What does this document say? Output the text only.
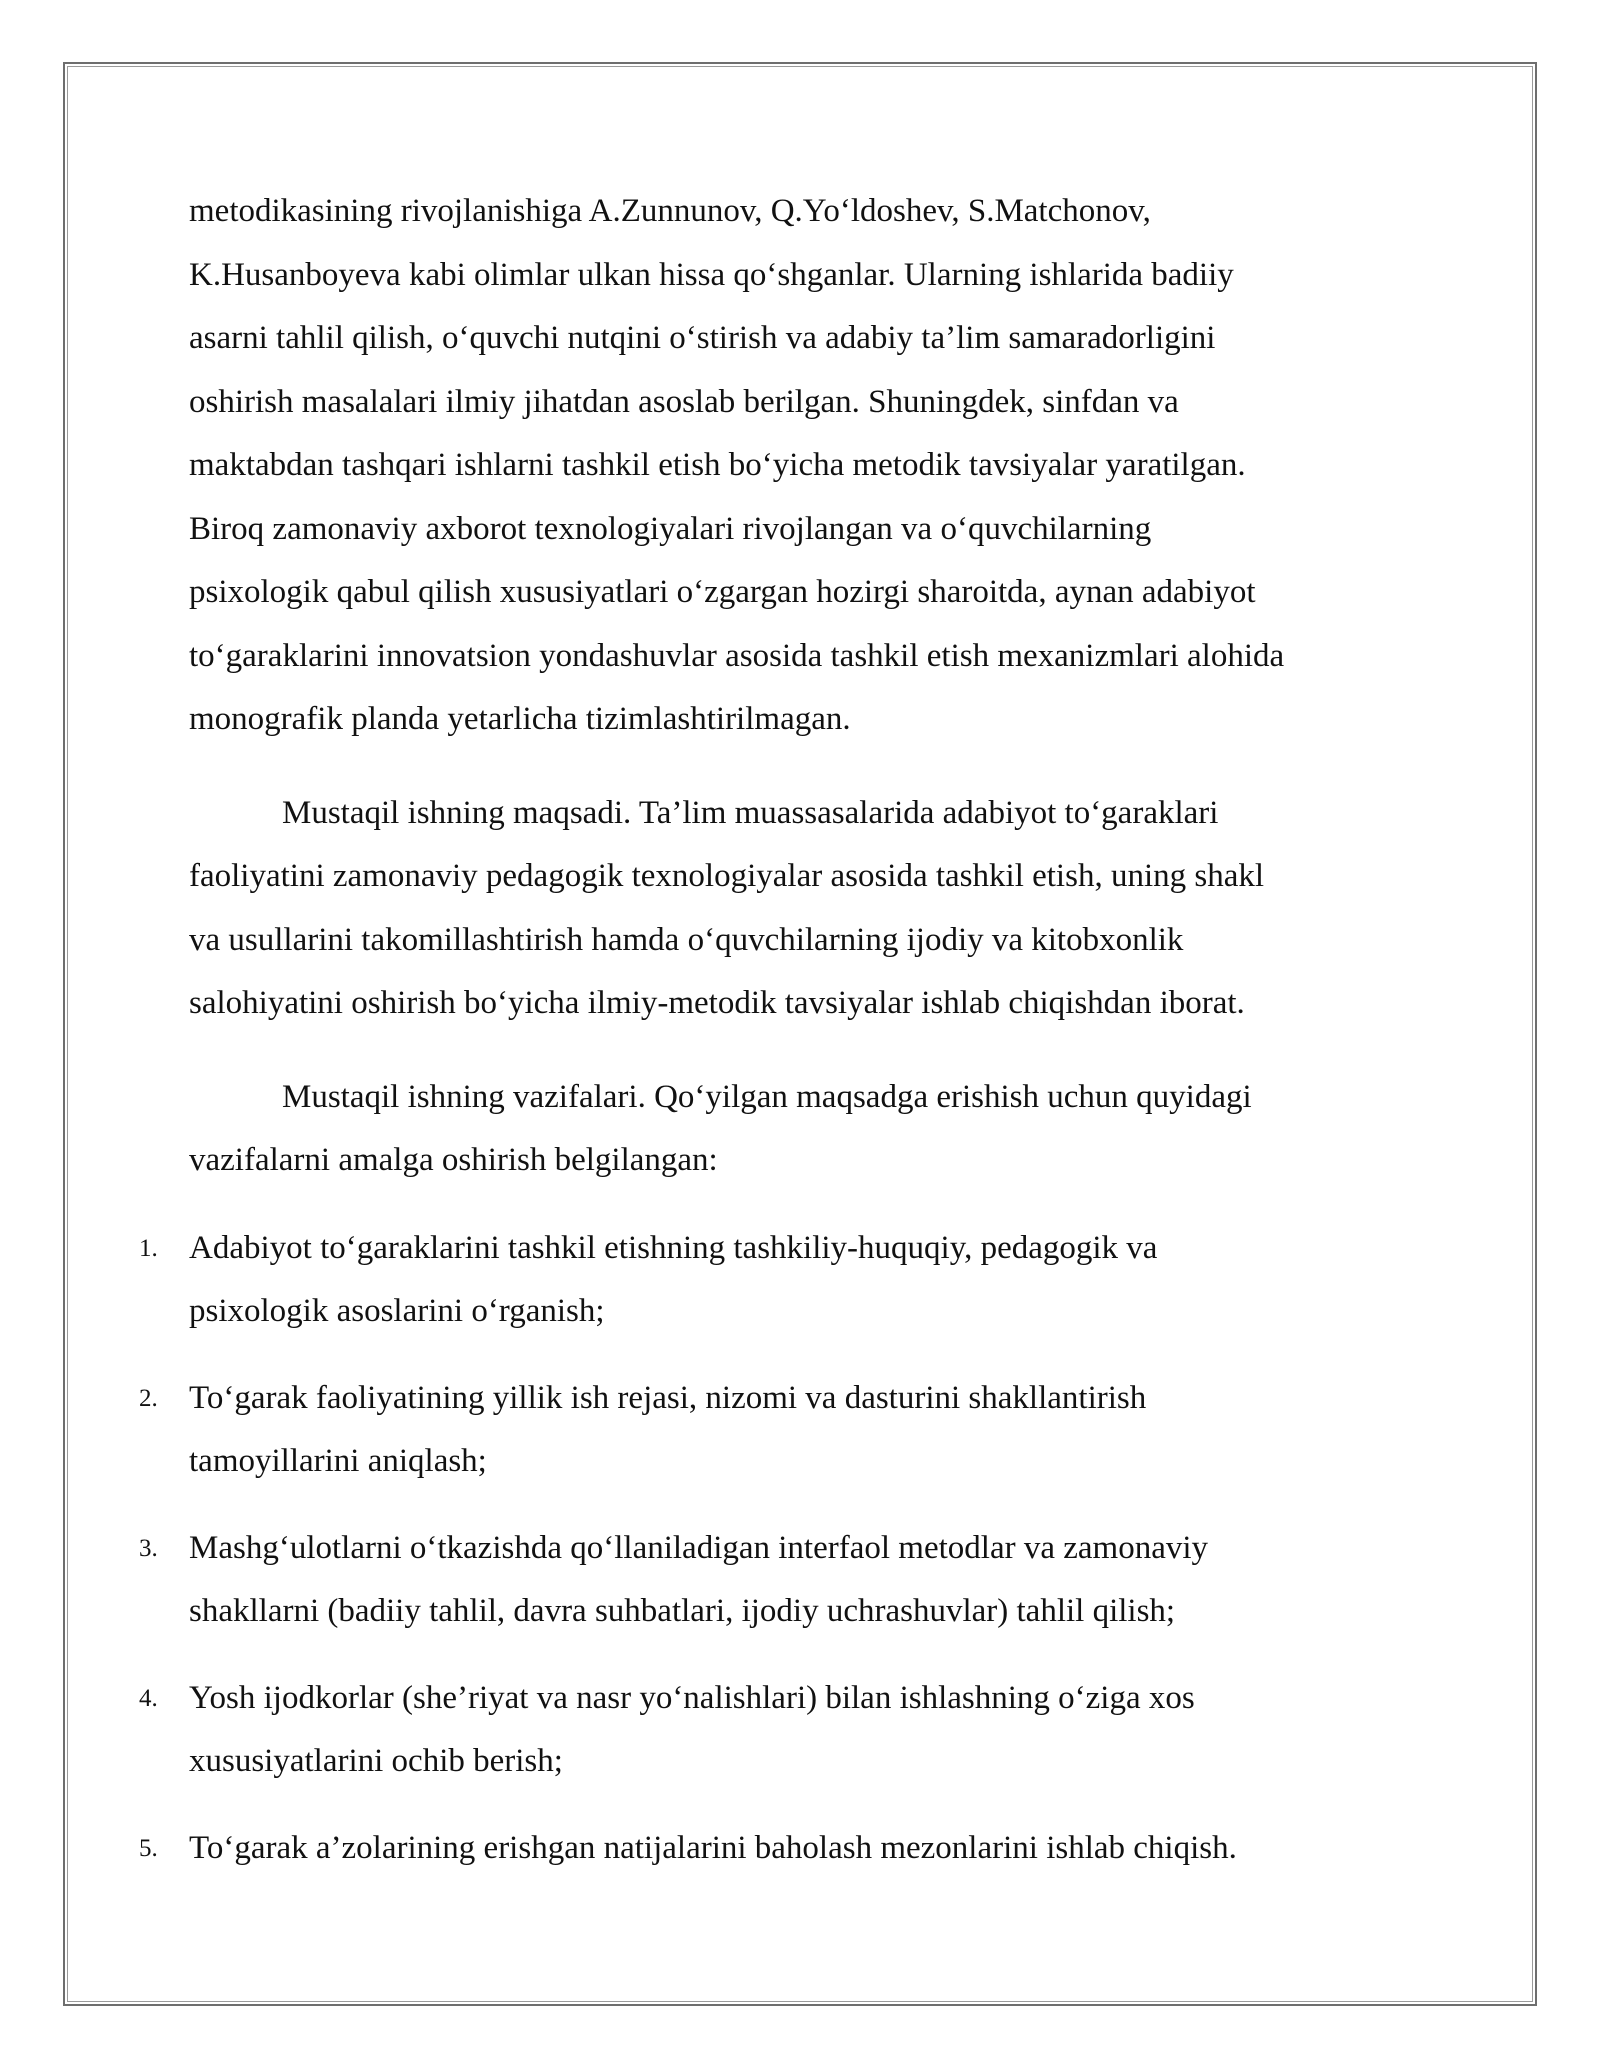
metodikasining rivojlanishiga A.Zunnunov, Q.Yo‘ldoshev, S.Matchonov,
K.Husanboyeva kabi olimlar ulkan hissa qo‘shganlar. Ularning ishlarida badiiy
asarni tahlil qilish, o‘quvchi nutqini o‘stirish va adabiy ta’lim samaradorligini
oshirish masalalari ilmiy jihatdan asoslab berilgan. Shuningdek, sinfdan va
maktabdan tashqari ishlarni tashkil etish bo‘yicha metodik tavsiyalar yaratilgan.
Biroq zamonaviy axborot texnologiyalari rivojlangan va o‘quvchilarning
psixologik qabul qilish xususiyatlari o‘zgargan hozirgi sharoitda, aynan adabiyot
to‘garaklarini innovatsion yondashuvlar asosida tashkil etish mexanizmlari alohida
monografik planda yetarlicha tizimlashtirilmagan.

Mustaqil ishning maqsadi. Ta’lim muassasalarida adabiyot to‘garaklari
faoliyatini zamonaviy pedagogik texnologiyalar asosida tashkil etish, uning shakl
va usullarini takomillashtirish hamda o‘quvchilarning ijodiy va kitobxonlik
salohiyatini oshirish bo‘yicha ilmiy-metodik tavsiyalar ishlab chiqishdan iborat.

Mustaqil ishning vazifalari. Qo‘yilgan maqsadga erishish uchun quyidagi
vazifalarni amalga oshirish belgilangan:

1. Adabiyot to‘garaklarini tashkil etishning tashkiliy-huquqiy, pedagogik va
psixologik asoslarini o‘rganish;
2. To‘garak faoliyatining yillik ish rejasi, nizomi va dasturini shakllantirish
tamoyillarini aniqlash;
3. Mashg‘ulotlarni o‘tkazishda qo‘llaniladigan interfaol metodlar va zamonaviy
shakllarni (badiiy tahlil, davra suhbatlari, ijodiy uchrashuvlar) tahlil qilish;
4. Yosh ijodkorlar (she’riyat va nasr yo‘nalishlari) bilan ishlashning o‘ziga xos
xususiyatlarini ochib berish;
5. To‘garak a’zolarining erishgan natijalarini baholash mezonlarini ishlab chiqish.
